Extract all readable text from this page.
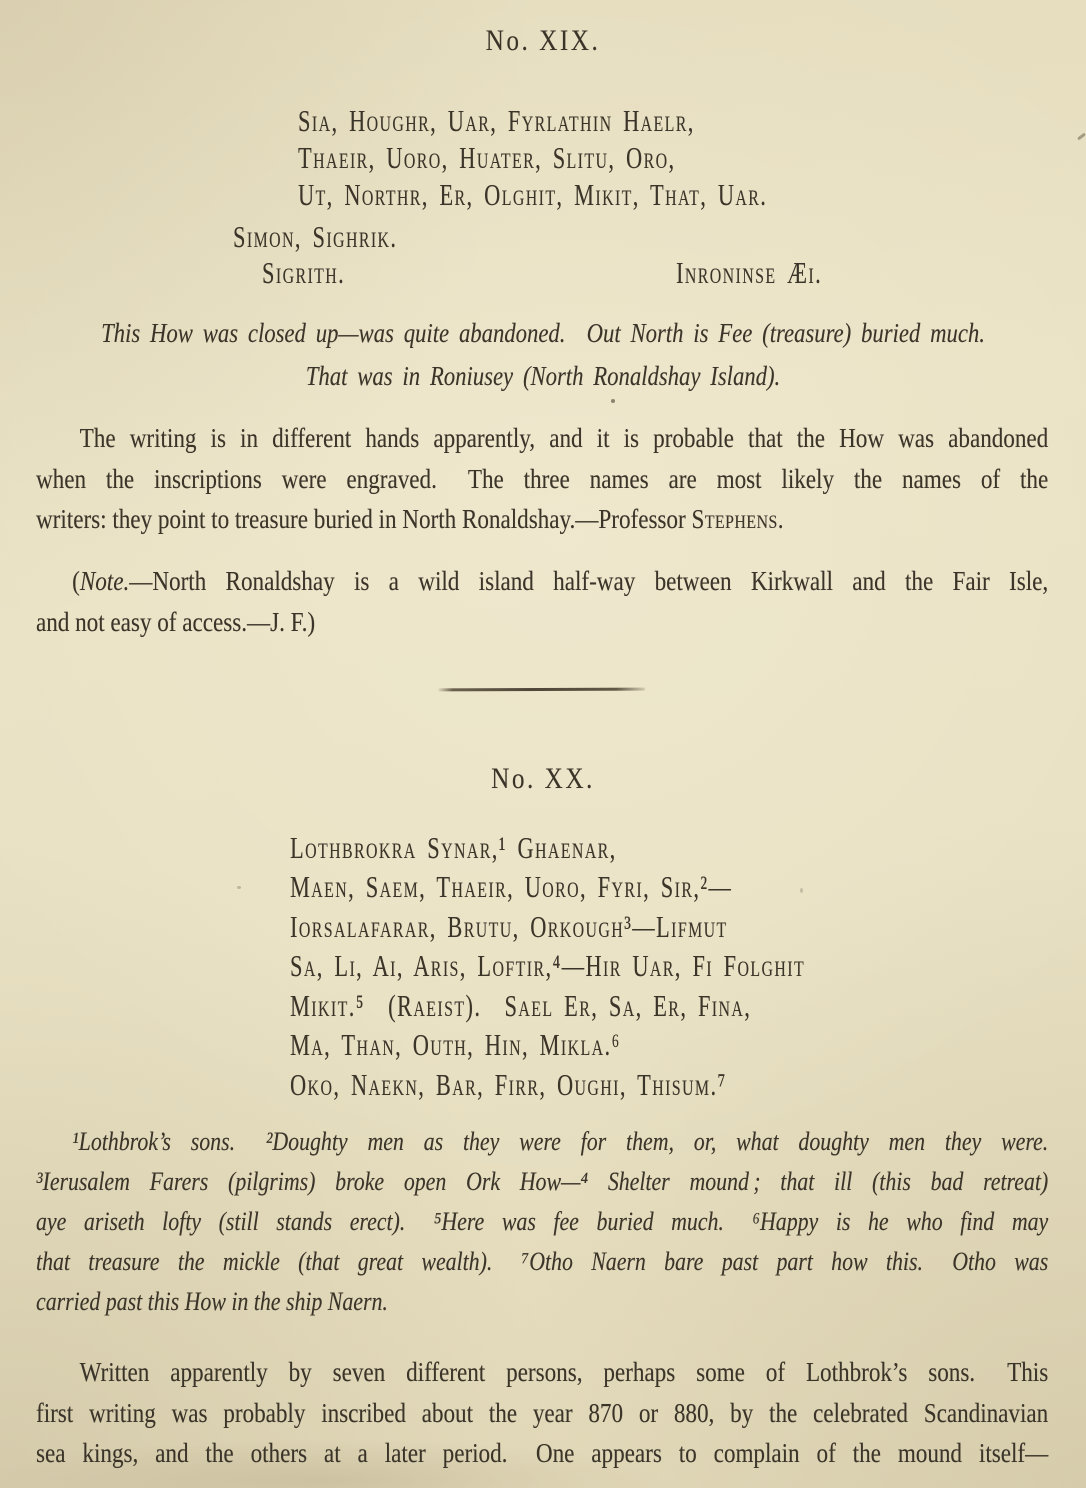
No. XIX.
Sia, Houghr, Uar, Fyrlathin Haelr,
Thaeir, Uoro, Huater, Slitu, Oro,
Ut, Northr, Er, Olghit, Mikit, That, Uar.
Simon, Sighrik.
Sigrith.	Inroninse Æi.
This How was closed up—was quite abandoned.  Out North is Fee (treasure) buried much.
That was in Roniusey (North Ronaldshay Island).
The writing is in different hands apparently, and it is probable that the How was abandoned
when the inscriptions were engraved.  The three names are most likely the names of the
writers: they point to treasure buried in North Ronaldshay.—Professor Stephens.
(Note.—North Ronaldshay is a wild island half-way between Kirkwall and the Fair Isle,
and not easy of access.—J. F.)
No. XX.
Lothbrokra Synar,¹ Ghaenar,
Maen, Saem, Thaeir, Uoro, Fyri, Sir,²—
Iorsalafarar, Brutu, Orkough³—Lifmut
Sa, Li, Ai, Aris, Loftir,⁴—Hir Uar, Fi Folghit
Mikit.⁵  (Raeist).  Sael Er, Sa, Er, Fina,
Ma, Than, Outh, Hin, Mikla.⁶
Oko, Naekn, Bar, Firr, Oughi, Thisum.⁷
¹Lothbrok’s sons.  ²Doughty men as they were for them, or, what doughty men they were.
³Ierusalem Farers (pilgrims) broke open Ork How—⁴ Shelter mound ; that ill (this bad retreat)
aye ariseth lofty (still stands erect).  ⁵Here was fee buried much.  ⁶Happy is he who find may
that treasure the mickle (that great wealth).  ⁷Otho Naern bare past part how this.  Otho was
carried past this How in the ship Naern.
Written apparently by seven different persons, perhaps some of Lothbrok’s sons.  This
first writing was probably inscribed about the year 870 or 880, by the celebrated Scandinavian
sea kings, and the others at a later period.  One appears to complain of the mound itself—
